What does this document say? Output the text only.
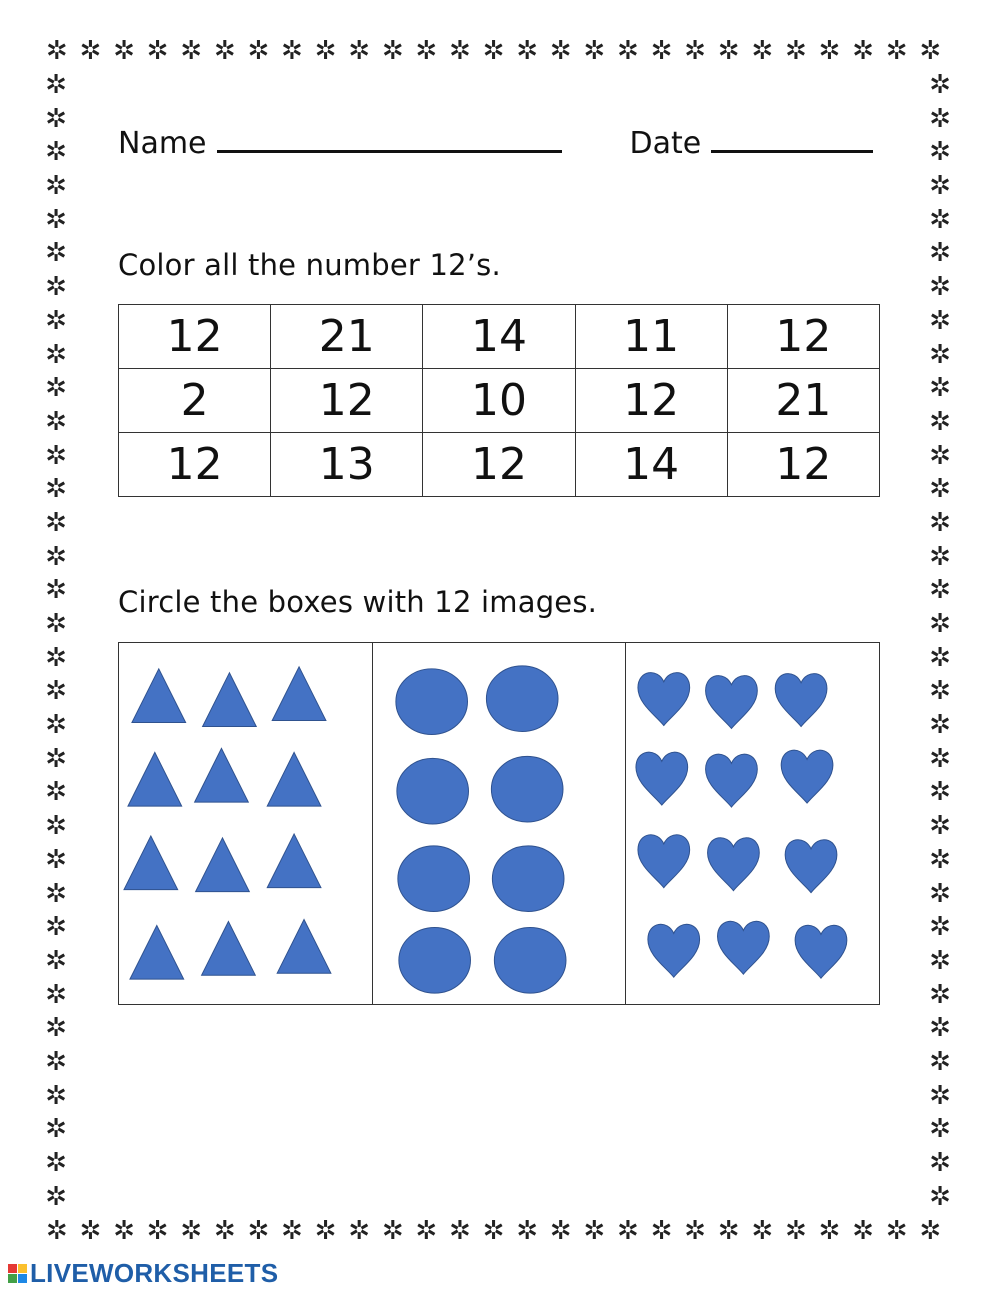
✲ ✲ ✲ ✲ ✲ ✲ ✲ ✲ ✲ ✲ ✲ ✲ ✲ ✲ ✲ ✲ ✲ ✲ ✲ ✲ ✲ ✲ ✲ ✲ ✲ ✲ ✲
✲ ✲ ✲ ✲ ✲ ✲ ✲ ✲ ✲ ✲ ✲ ✲ ✲ ✲ ✲ ✲ ✲ ✲ ✲ ✲ ✲ ✲ ✲ ✲ ✲ ✲ ✲
✲
✲
✲
✲
✲
✲
✲
✲
✲
✲
✲
✲
✲
✲
✲
✲
✲
✲
✲
✲
✲
✲
✲
✲
✲
✲
✲
✲
✲
✲
✲
✲
✲
✲
✲
✲
✲
✲
✲
✲
✲
✲
✲
✲
✲
✲
✲
✲
✲
✲
✲
✲
✲
✲
✲
✲
✲
✲
✲
✲
✲
✲
✲
✲
✲
✲
✲
✲
Name	Date
Color all the number 12’s.
12	21	14	11	12
2	12	10	12	21
12	13	12	14	12
Circle the boxes with 12 images.
LIVEWORKSHEETS
